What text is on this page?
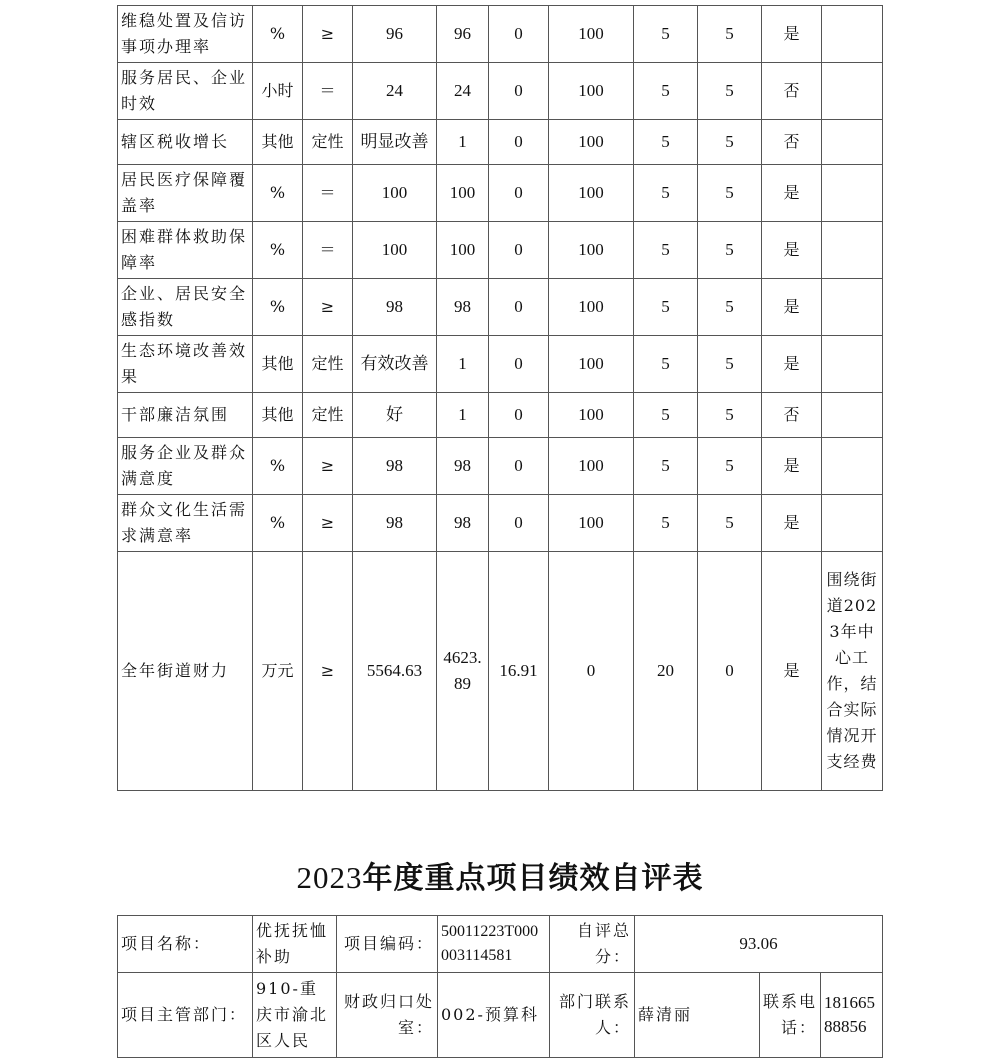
维稳处置及信访事项办理率	%	≥	96	96	0	100	5	5	是	
服务居民、企业时效	小时	＝	24	24	0	100	5	5	否	
辖区税收增长	其他	定性	明显改善	1	0	100	5	5	否	
居民医疗保障覆盖率	%	＝	100	100	0	100	5	5	是	
困难群体救助保障率	%	＝	100	100	0	100	5	5	是	
企业、居民安全感指数	%	≥	98	98	0	100	5	5	是	
生态环境改善效果	其他	定性	有效改善	1	0	100	5	5	是	
干部廉洁氛围	其他	定性	好	1	0	100	5	5	否	
服务企业及群众满意度	%	≥	98	98	0	100	5	5	是	
群众文化生活需求满意率	%	≥	98	98	0	100	5	5	是	
全年街道财力	万元	≥	5564.63	4623.89	16.91	0	20	0	是	围绕街道2023年中心工作，结合实际情况开支经费
2023年度重点项目绩效自评表
项目名称：	优抚抚恤补助	项目编码：	50011223T000003114581	自评总分：	93.06		
项目主管部门：	910-重庆市渝北区人民	财政归口处室：	002-预算科	部门联系人：	薛清丽	联系电话：	18166588856
